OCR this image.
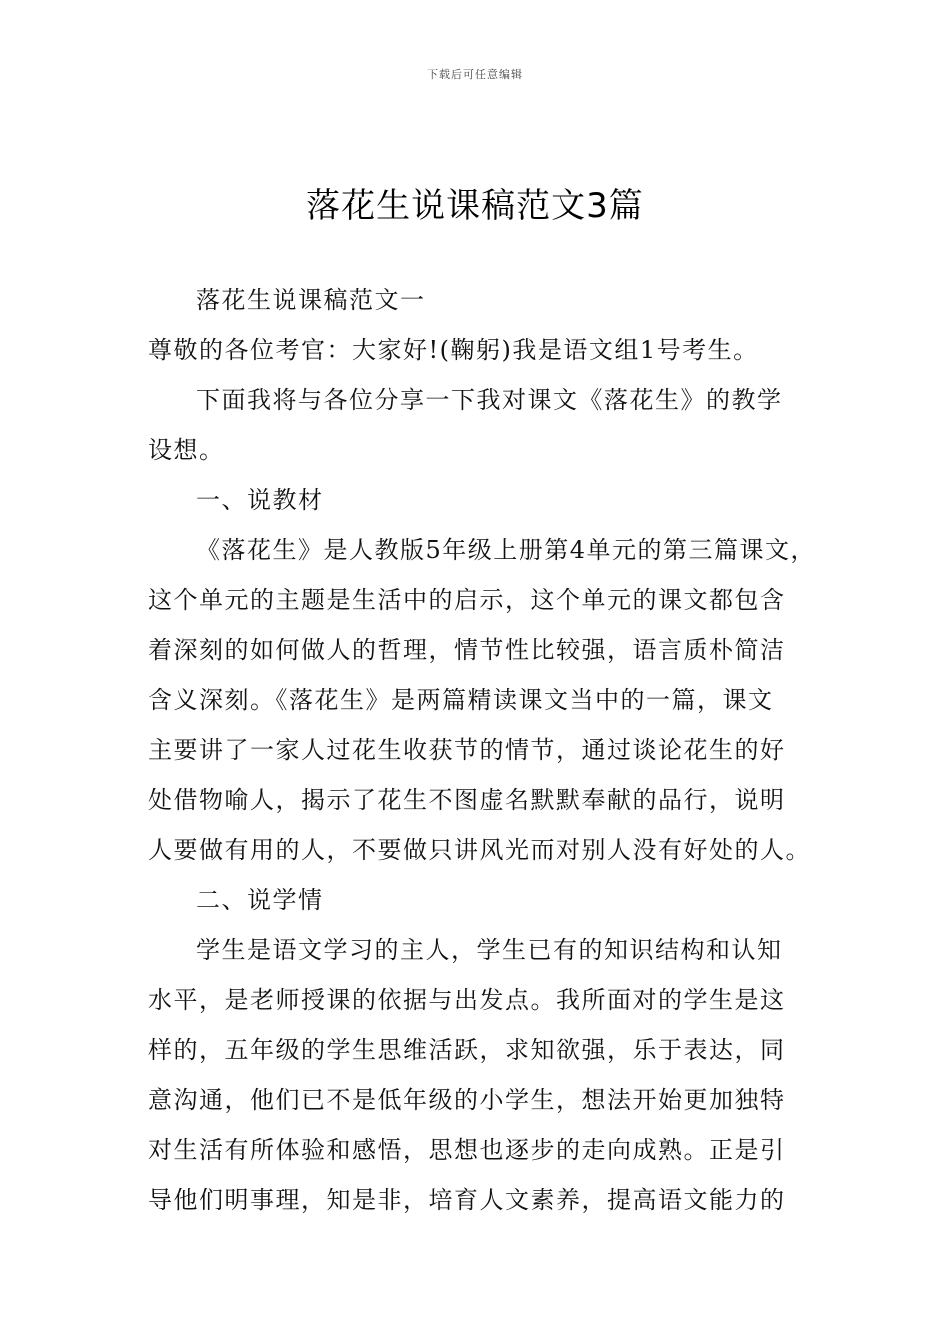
下载后可任意编辑
落花生说课稿范文3篇
落花生说课稿范文一
尊敬的各位考官：大家好!(鞠躬)我是语文组1号考生。
下面我将与各位分享一下我对课文《落花生》的教学
设想。
一、说教材
《落花生》是人教版5年级上册第4单元的第三篇课文，
这个单元的主题是生活中的启示，这个单元的课文都包含
着深刻的如何做人的哲理，情节性比较强，语言质朴简洁
含义深刻。《落花生》是两篇精读课文当中的一篇，课文
主要讲了一家人过花生收获节的情节，通过谈论花生的好
处借物喻人，揭示了花生不图虚名默默奉献的品行，说明
人要做有用的人，不要做只讲风光而对别人没有好处的人。
二、说学情
学生是语文学习的主人，学生已有的知识结构和认知
水平，是老师授课的依据与出发点。我所面对的学生是这
样的，五年级的学生思维活跃，求知欲强，乐于表达，同
意沟通，他们已不是低年级的小学生，想法开始更加独特
对生活有所体验和感悟，思想也逐步的走向成熟。正是引
导他们明事理，知是非，培育人文素养，提高语文能力的
